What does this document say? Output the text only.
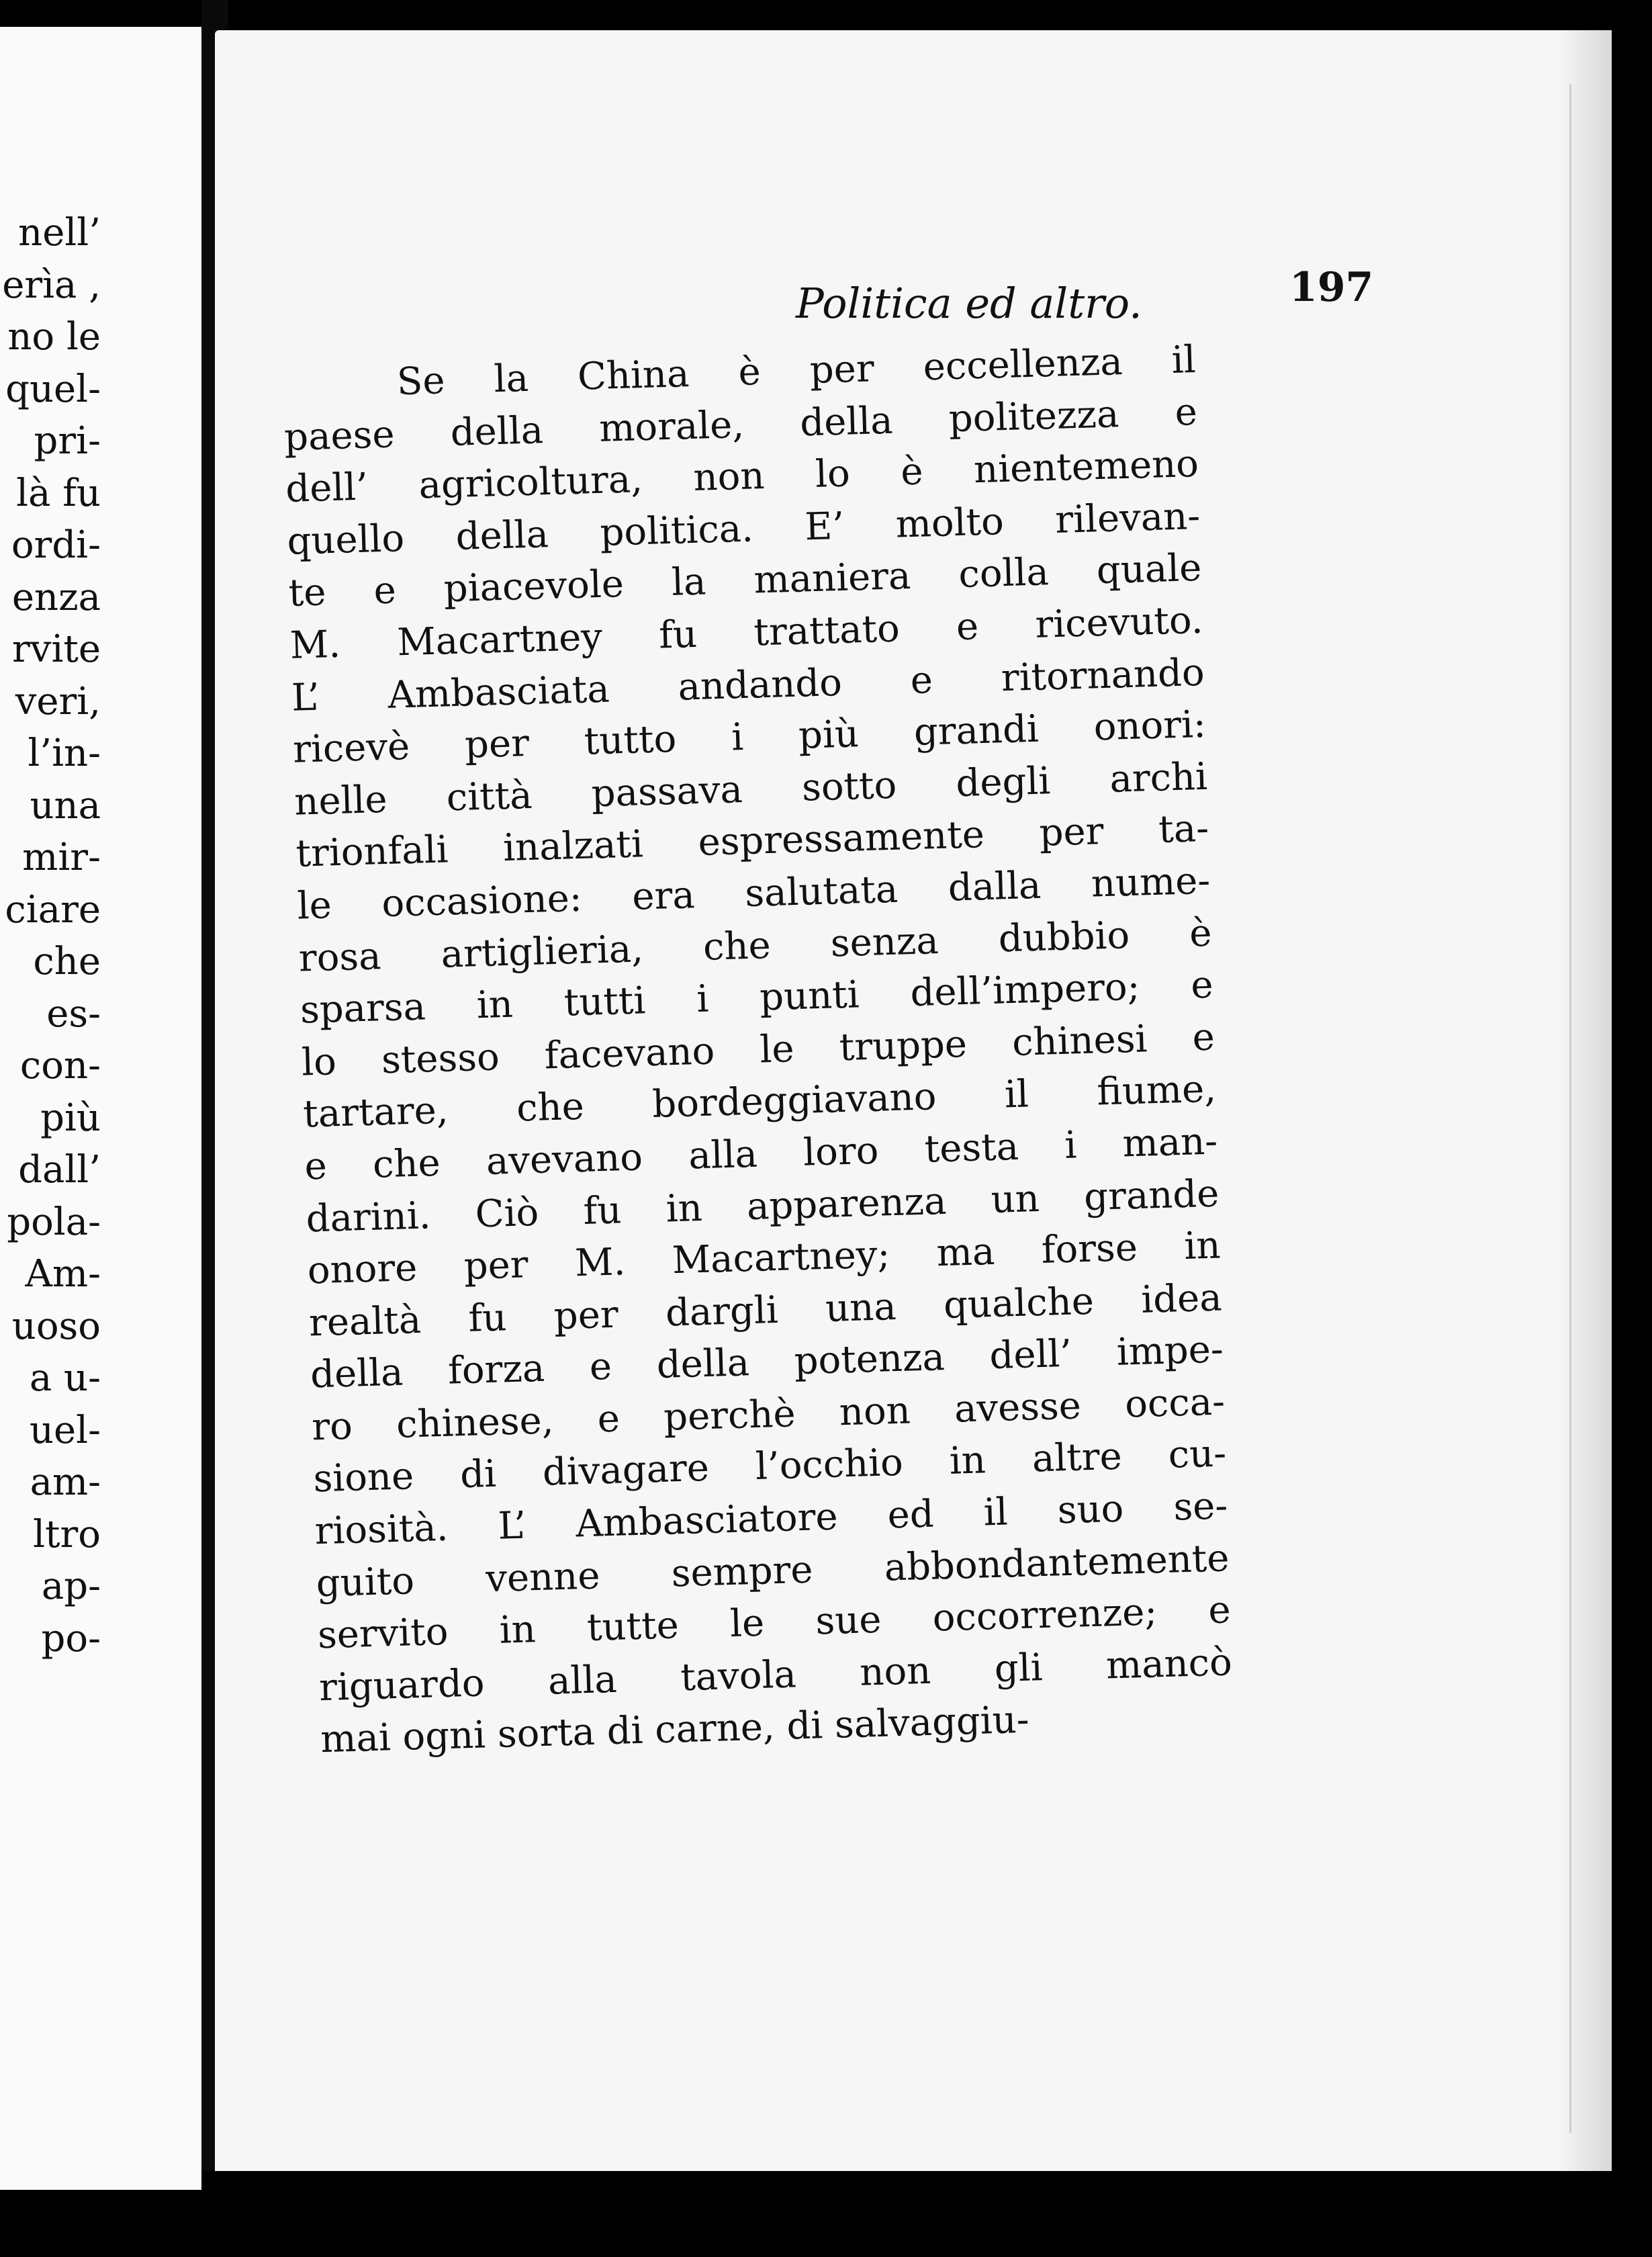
nell’
erìa ,
no le
quel-
pri-
là fu
ordi-
enza
rvite
veri,
l’in-
una
mir-
ciare
che
es-
con-
più
dall’
pola-
Am-
uoso
a u-
uel-
am-
ltro
ap-
po-
Politica ed altro.	197
Se la China è per eccellenza il
paese della morale, della politezza e
dell’ agricoltura, non lo è nientemeno
quello della politica. E’ molto rilevan-
te e piacevole la maniera colla quale
M. Macartney fu trattato e ricevuto.
L’ Ambasciata andando e ritornando
ricevè per tutto i più grandi onori:
nelle città passava sotto degli archi
trionfali inalzati espressamente per ta-
le occasione: era salutata dalla nume-
rosa artiglieria, che senza dubbio è
sparsa in tutti i punti dell’impero; e
lo stesso facevano le truppe chinesi e
tartare, che bordeggiavano il fiume,
e che avevano alla loro testa i man-
darini. Ciò fu in apparenza un grande
onore per M. Macartney; ma forse in
realtà fu per dargli una qualche idea
della forza e della potenza dell’ impe-
ro chinese, e perchè non avesse occa-
sione di divagare l’occhio in altre cu-
riosità. L’ Ambasciatore ed il suo se-
guito venne sempre abbondantemente
servito in tutte le sue occorrenze; e
riguardo alla tavola non gli mancò
mai ogni sorta di carne, di salvaggiu-
